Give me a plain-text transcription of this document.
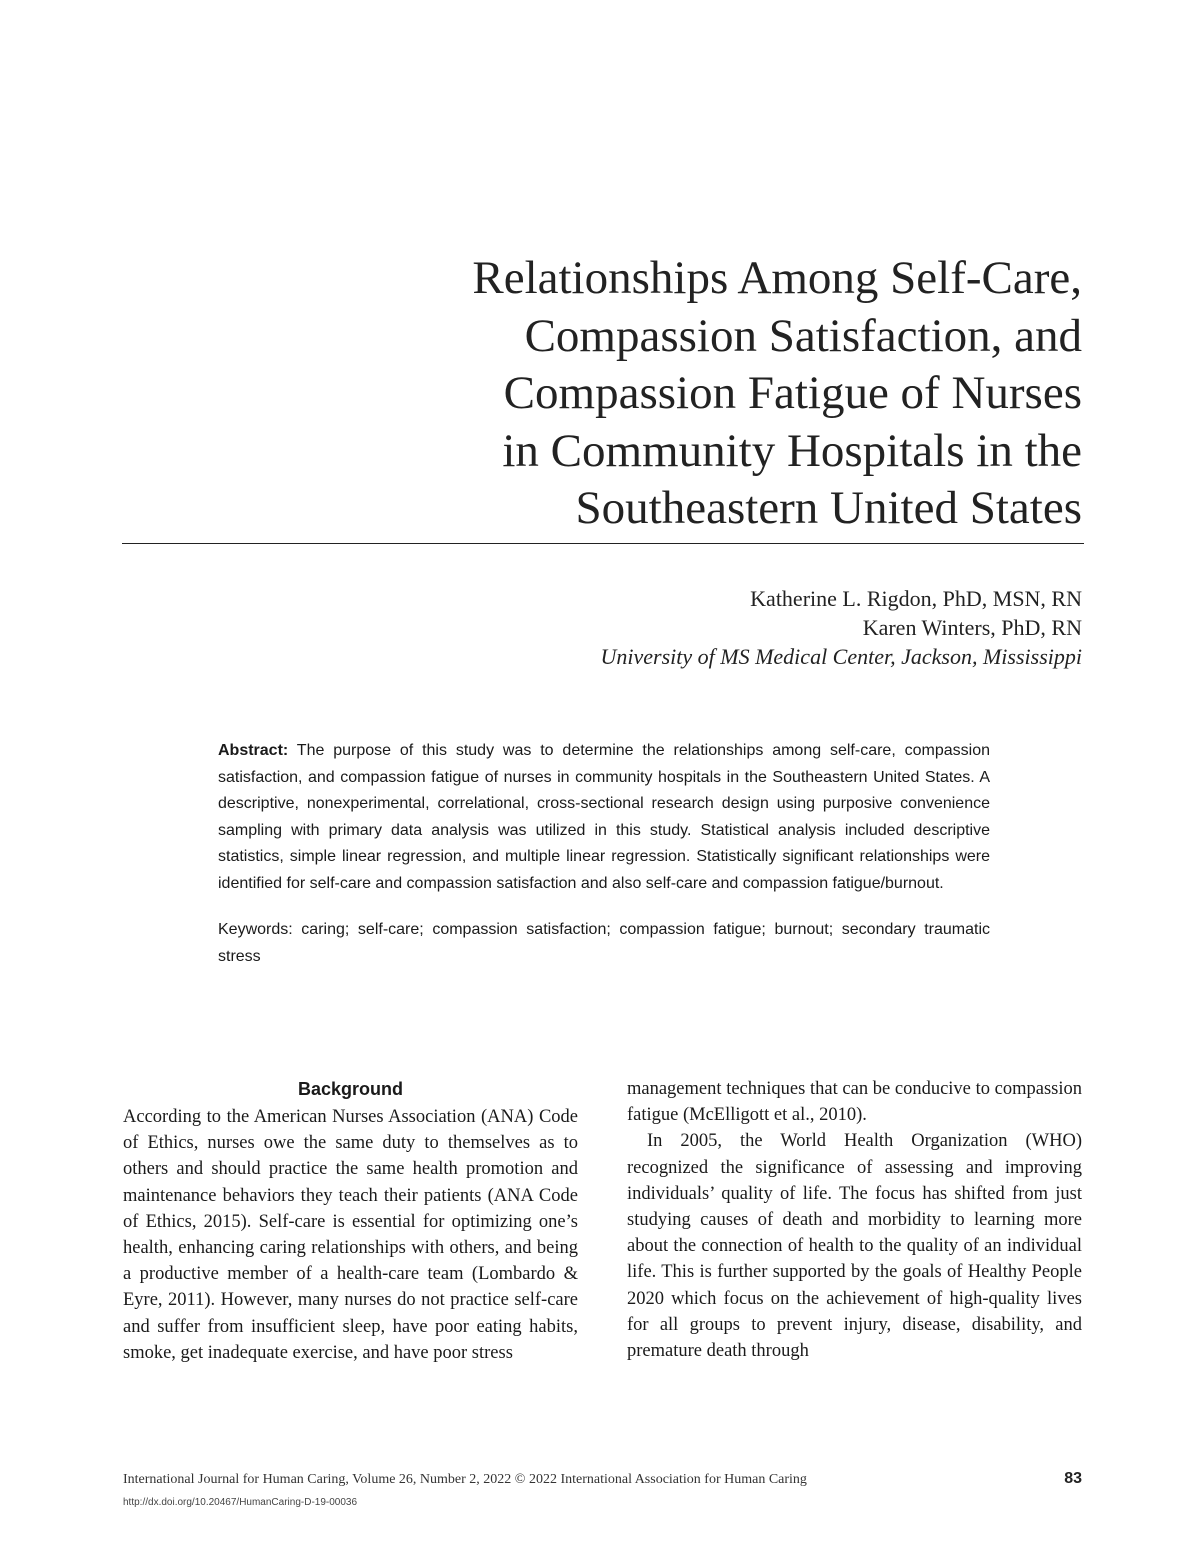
Relationships Among Self-Care,
Compassion Satisfaction, and
Compassion Fatigue of Nurses
in Community Hospitals in the
Southeastern United States
Katherine L. Rigdon, PhD, MSN, RN
Karen Winters, PhD, RN
University of MS Medical Center, Jackson, Mississippi
Abstract: The purpose of this study was to determine the relationships among self-care, compassion satisfaction, and compassion fatigue of nurses in community hospitals in the Southeastern United States. A descriptive, nonexperimental, correlational, cross-sectional research design using purposive convenience sampling with primary data analysis was utilized in this study. Statistical analysis included descriptive statistics, simple linear regression, and multiple linear regression. Statistically significant relationships were identified for self-care and compassion satisfaction and also self-care and compassion fatigue/burnout.
Keywords: caring; self-care; compassion satisfaction; compassion fatigue; burnout; secondary traumatic stress
Background

According to the American Nurses Association (ANA) Code of Ethics, nurses owe the same duty to themselves as to others and should practice the same health promotion and maintenance behaviors they teach their patients (ANA Code of Ethics, 2015). Self-care is essential for optimizing one’s health, enhancing caring relationships with others, and being a productive member of a health-care team (Lombardo & Eyre, 2011). However, many nurses do not practice self-care and suffer from insufficient sleep, have poor eating habits, smoke, get inadequate exercise, and have poor stress

management techniques that can be conducive to compassion fatigue (McElligott et al., 2010).

In 2005, the World Health Organization (WHO) recognized the significance of assessing and improving individuals’ quality of life. The focus has shifted from just studying causes of death and morbidity to learning more about the connection of health to the quality of an individual life. This is further supported by the goals of Healthy People 2020 which focus on the achievement of high-quality lives for all groups to prevent injury, disease, disability, and premature death through

International Journal for Human Caring, Volume 26, Number 2, 2022 © 2022 International Association for Human Caring
http://dx.doi.org/10.20467/HumanCaring-D-19-00036
83
